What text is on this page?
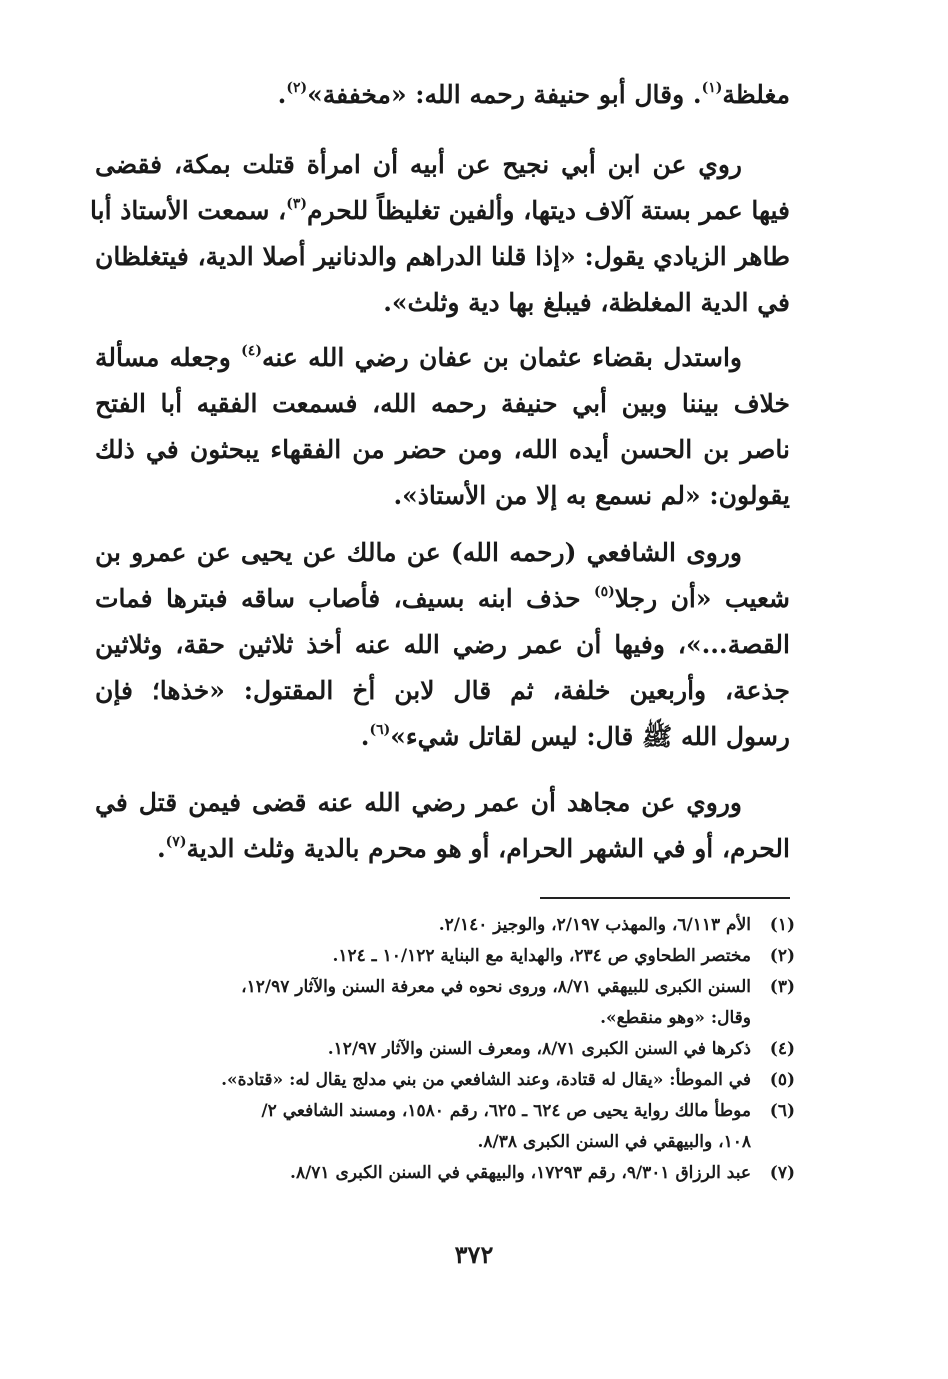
مغلظة$^{(١)}$. وقال أبو حنيفة رحمه الله: «مخففة»$^{(٢)}$.
روي عن ابن أبي نجيح عن أبيه أن امرأة قتلت بمكة، فقضى
فيها عمر بستة آلاف ديتها، وألفين تغليظاً للحرم$^{(٣)}$، سمعت الأستاذ أبا
طاهر الزيادي يقول: «إذا قلنا الدراهم والدنانير أصلا الدية، فيتغلظان
في الدية المغلظة، فيبلغ بها دية وثلث».
واستدل بقضاء عثمان بن عفان رضي الله عنه$^{(٤)}$ وجعله مسألة
خلاف بيننا وبين أبي حنيفة رحمه الله، فسمعت الفقيه أبا الفتح
ناصر بن الحسن أيده الله، ومن حضر من الفقهاء يبحثون في ذلك
يقولون: «لم نسمع به إلا من الأستاذ».
وروى الشافعي (رحمه الله) عن مالك عن يحيى عن عمرو بن
شعيب «أن رجلا$^{(٥)}$ حذف ابنه بسيف، فأصاب ساقه فبترها فمات
القصة...»، وفيها أن عمر رضي الله عنه أخذ ثلاثين حقة، وثلاثين
جذعة، وأربعين خلفة، ثم قال لابن أخ المقتول: «خذها؛ فإن
رسول الله ﷺ قال: ليس لقاتل شيء»$^{(٦)}$.
وروي عن مجاهد أن عمر رضي الله عنه قضى فيمن قتل في
الحرم، أو في الشهر الحرام، أو هو محرم بالدية وثلث الدية$^{(٧)}$.
(١)
الأم ٦/١١٣، والمهذب ٢/١٩٧، والوجيز ٢/١٤٠.
(٢)
مختصر الطحاوي ص ٢٣٤، والهداية مع البناية ١٠/١٢٢ ـ ١٢٤.
(٣)
السنن الكبرى للبيهقي ٨/٧١، وروى نحوه في معرفة السنن والآثار ١٢/٩٧،
وقال: «وهو منقطع».
(٤)
ذكرها في السنن الكبرى ٨/٧١، ومعرف السنن والآثار ١٢/٩٧.
(٥)
في الموطأ: «يقال له قتادة، وعند الشافعي من بني مدلج يقال له: «قتادة».
(٦)
موطأ مالك رواية يحيى ص ٦٢٤ ـ ٦٢٥، رقم ١٥٨٠، ومسند الشافعي ٢/
١٠٨، والبيهقي في السنن الكبرى ٨/٣٨.
(٧)
عبد الرزاق ٩/٣٠١، رقم ١٧٢٩٣، والبيهقي في السنن الكبرى ٨/٧١.
٣٧٢
